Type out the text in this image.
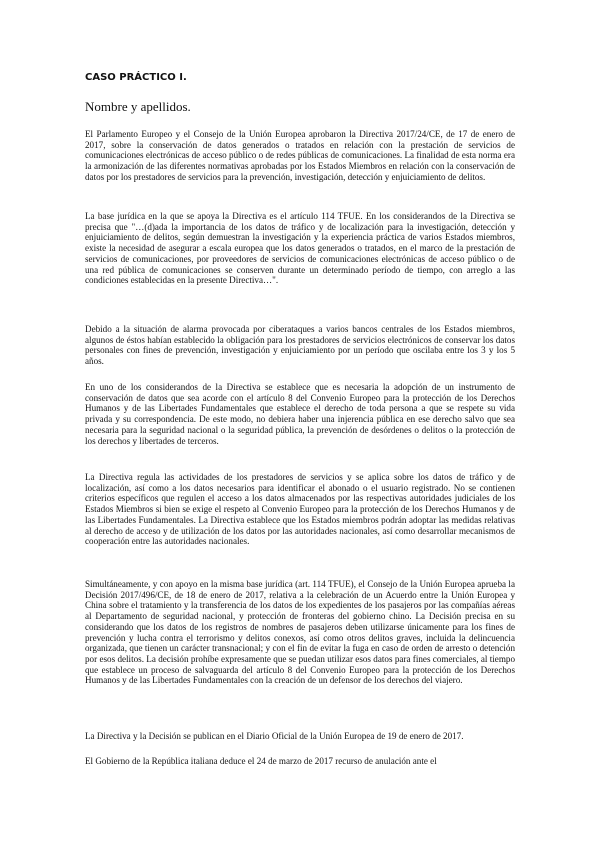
CASO PRÁCTICO I.

Nombre y apellidos.

El Parlamento Europeo y el Consejo de la Unión Europea aprobaron la Directiva 2017/24/CE, de 17 de enero de 2017, sobre la conservación de datos generados o tratados en relación con la prestación de servicios de comunicaciones electrónicas de acceso público o de redes públicas de comunicaciones. La finalidad de esta norma era la armonización de las diferentes normativas aprobadas por los Estados Miembros en relación con la conservación de datos por los prestadores de servicios para la prevención, investigación, detección y enjuiciamiento de delitos.

La base jurídica en la que se apoya la Directiva es el artículo 114 TFUE. En los considerandos de la Directiva se precisa que "…(d)ada la importancia de los datos de tráfico y de localización para la investigación, detección y enjuiciamiento de delitos, según demuestran la investigación y la experiencia práctica de varios Estados miembros, existe la necesidad de asegurar a escala europea que los datos generados o tratados, en el marco de la prestación de servicios de comunicaciones, por proveedores de servicios de comunicaciones electrónicas de acceso público o de una red pública de comunicaciones se conserven durante un determinado período de tiempo, con arreglo a las condiciones establecidas en la presente Directiva…".

Debido a la situación de alarma provocada por ciberataques a varios bancos centrales de los Estados miembros, algunos de éstos habían establecido la obligación para los prestadores de servicios electrónicos de conservar los datos personales con fines de prevención, investigación y enjuiciamiento por un período que oscilaba entre los 3 y los 5 años.

En uno de los considerandos de la Directiva se establece que es necesaria la adopción de un instrumento de conservación de datos que sea acorde con el artículo 8 del Convenio Europeo para la protección de los Derechos Humanos y de las Libertades Fundamentales que establece el derecho de toda persona a que se respete su vida privada y su correspondencia. De este modo, no debiera haber una injerencia pública en ese derecho salvo que sea necesaria para la seguridad nacional o la seguridad pública, la prevención de desórdenes o delitos o la protección de los derechos y libertades de terceros.

La Directiva regula las actividades de los prestadores de servicios y se aplica sobre los datos de tráfico y de localización, así como a los datos necesarios para identificar el abonado o el usuario registrado. No se contienen criterios específicos que regulen el acceso a los datos almacenados por las respectivas autoridades judiciales de los Estados Miembros si bien se exige el respeto al Convenio Europeo para la protección de los Derechos Humanos y de las Libertades Fundamentales. La Directiva establece que los Estados miembros podrán adoptar las medidas relativas al derecho de acceso y de utilización de los datos por las autoridades nacionales, así como desarrollar mecanismos de cooperación entre las autoridades nacionales.

Simultáneamente, y con apoyo en la misma base jurídica (art. 114 TFUE), el Consejo de la Unión Europea aprueba la Decisión 2017/496/CE, de 18 de enero de 2017, relativa a la celebración de un Acuerdo entre la Unión Europea y China sobre el tratamiento y la transferencia de los datos de los expedientes de los pasajeros por las compañías aéreas al Departamento de seguridad nacional, y protección de fronteras del gobierno chino. La Decisión precisa en su considerando que los datos de los registros de nombres de pasajeros deben utilizarse únicamente para los fines de prevención y lucha contra el terrorismo y delitos conexos, así como otros delitos graves, incluida la delincuencia organizada, que tienen un carácter transnacional; y con el fin de evitar la fuga en caso de orden de arresto o detención por esos delitos. La decisión prohíbe expresamente que se puedan utilizar esos datos para fines comerciales, al tiempo que establece un proceso de salvaguarda del artículo 8 del Convenio Europeo para la protección de los Derechos Humanos y de las Libertades Fundamentales con la creación de un defensor de los derechos del viajero.

La Directiva y la Decisión se publican en el Diario Oficial de la Unión Europea de 19 de enero de 2017.

El Gobierno de la República italiana deduce el 24 de marzo de 2017 recurso de anulación ante el
